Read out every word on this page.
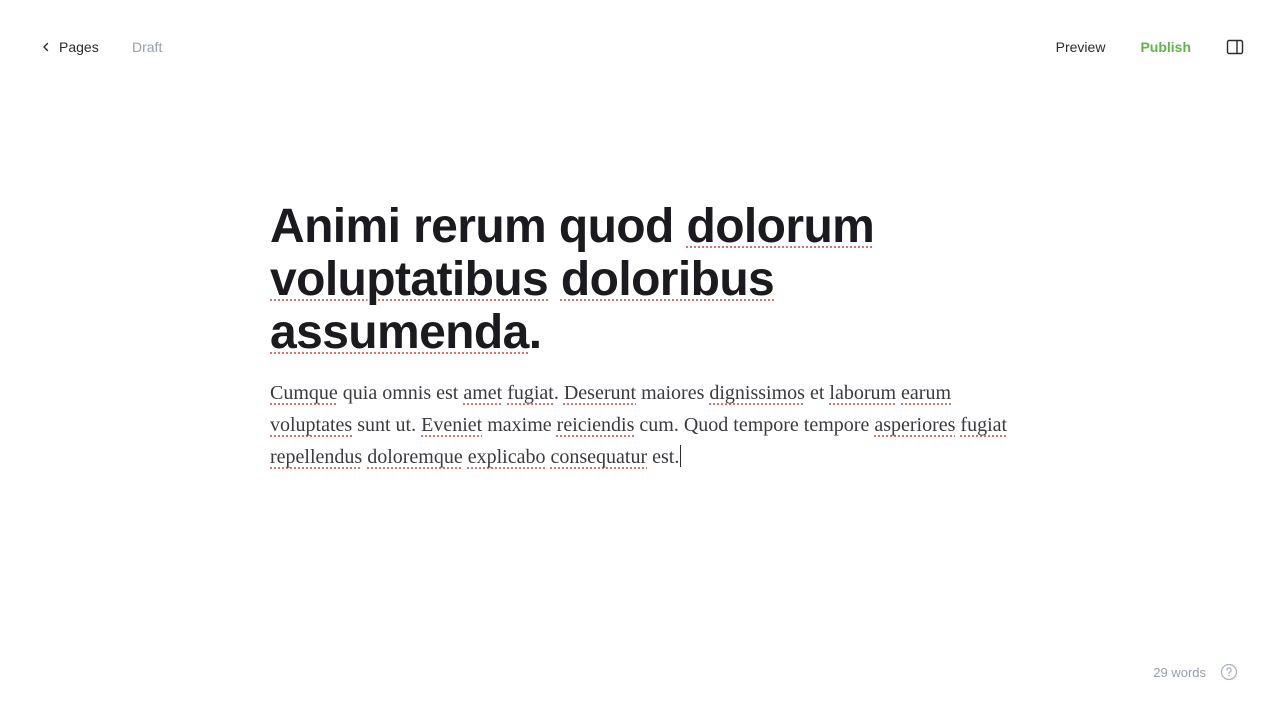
Pages Draft	Preview	Publish
Animi rerum quod dolorum voluptatibus doloribus assumenda.

Cumque quia omnis est amet fugiat. Deserunt maiores dignissimos et laborum earum voluptates sunt ut. Eveniet maxime reiciendis cum. Quod tempore tempore asperiores fugiat repellendus doloremque explicabo consequatur est.

29 words
